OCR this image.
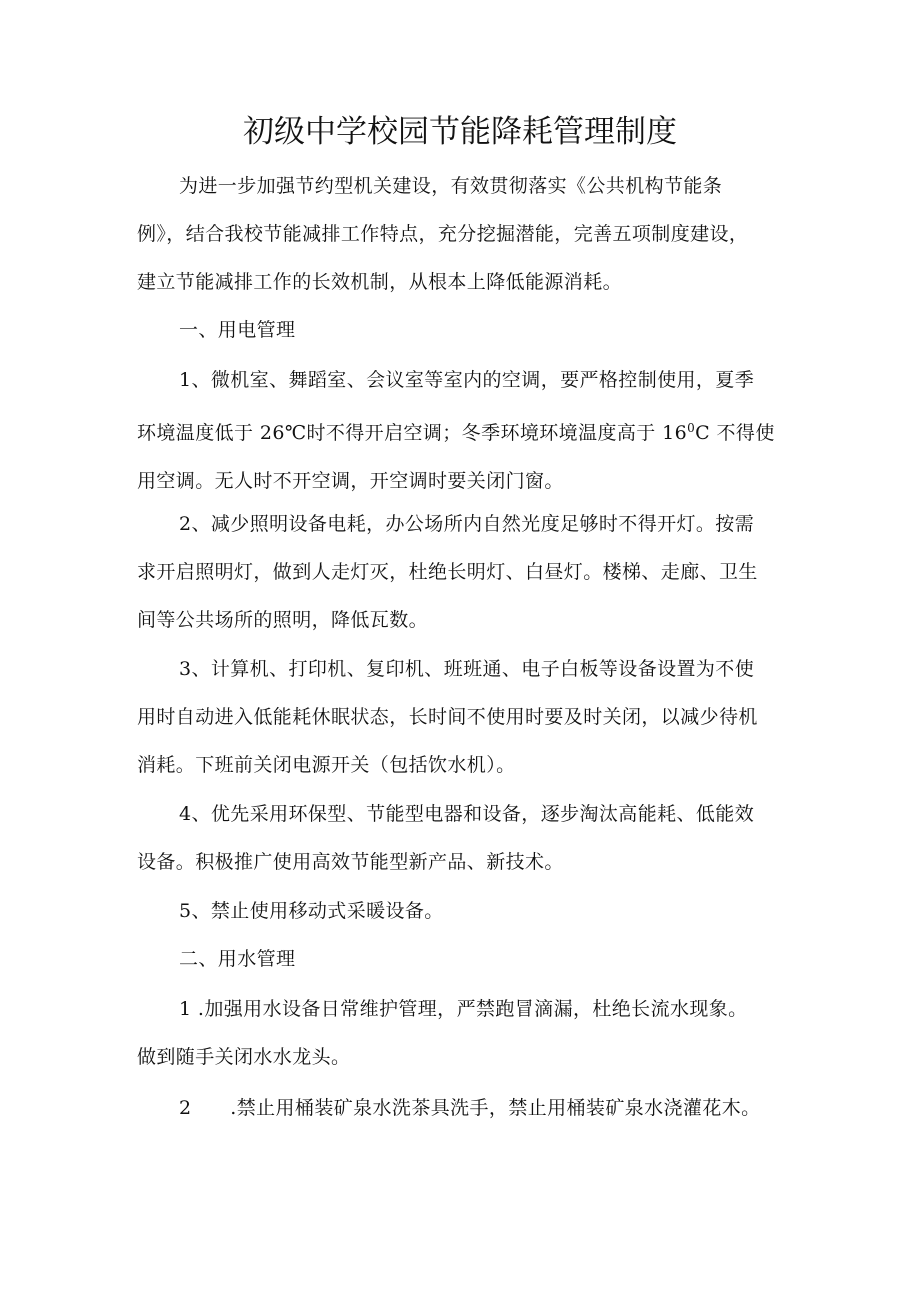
初级中学校园节能降耗管理制度
为进一步加强节约型机关建设，有效贯彻落实《公共机构节能条
例》，结合我校节能减排工作特点，充分挖掘潜能，完善五项制度建设，
建立节能减排工作的长效机制，从根本上降低能源消耗。
一、用电管理
1、微机室、舞蹈室、会议室等室内的空调，要严格控制使用，夏季
环境温度低于 26℃时不得开启空调；冬季环境环境温度高于 $16^0C$ 不得使
用空调。无人时不开空调，开空调时要关闭门窗。
2、减少照明设备电耗，办公场所内自然光度足够时不得开灯。按需
求开启照明灯，做到人走灯灭，杜绝长明灯、白昼灯。楼梯、走廊、卫生
间等公共场所的照明，降低瓦数。
3、计算机、打印机、复印机、班班通、电子白板等设备设置为不使
用时自动进入低能耗休眠状态，长时间不使用时要及时关闭，以减少待机
消耗。下班前关闭电源开关（包括饮水机）。
4、优先采用环保型、节能型电器和设备，逐步淘汰高能耗、低能效
设备。积极推广使用高效节能型新产品、新技术。
5、禁止使用移动式采暖设备。
二、用水管理
1 .加强用水设备日常维护管理，严禁跑冒滴漏，杜绝长流水现象。
做到随手关闭水水龙头。
2　　.禁止用桶装矿泉水洗茶具洗手，禁止用桶装矿泉水浇灌花木。
